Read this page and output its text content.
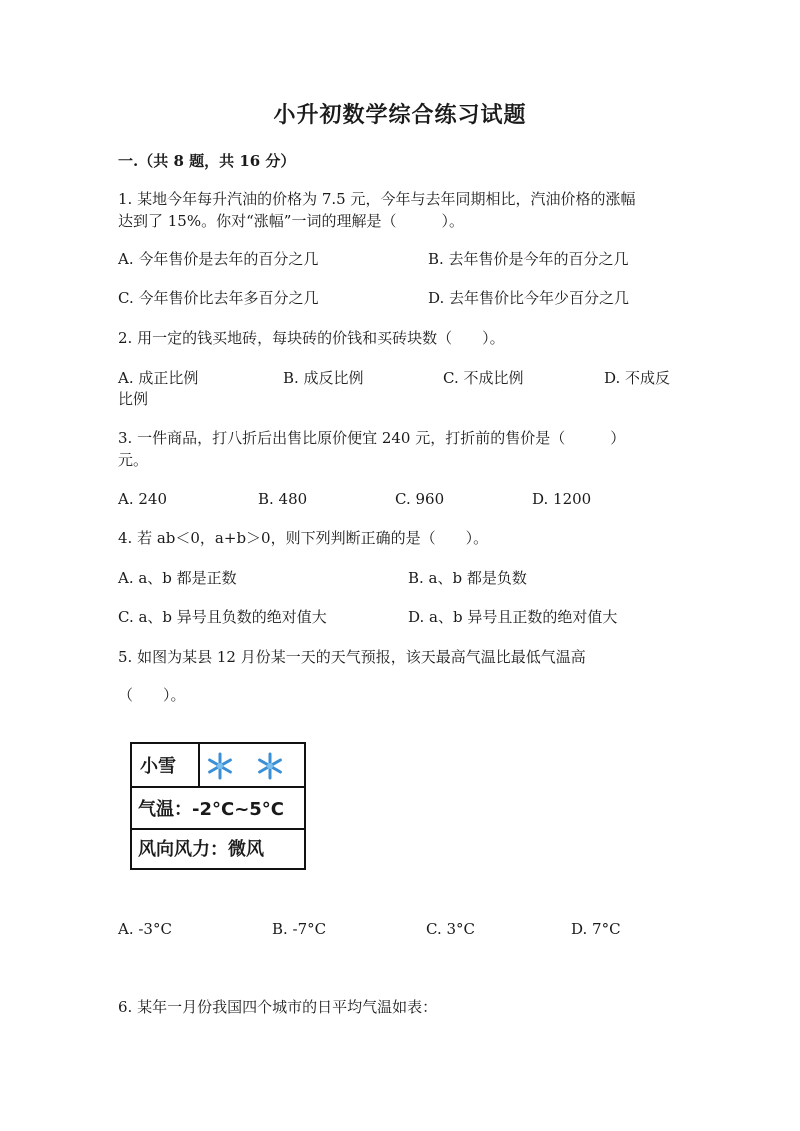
小升初数学综合练习试题
一.（共 8 题，共 16 分）
1. 某地今年每升汽油的价格为 7.5 元，今年与去年同期相比，汽油价格的涨幅
达到了 15%。你对“涨幅”一词的理解是（　　　）。
A. 今年售价是去年的百分之几	B. 去年售价是今年的百分之几
C. 今年售价比去年多百分之几	D. 去年售价比今年少百分之几
2. 用一定的钱买地砖，每块砖的价钱和买砖块数（　　）。
A. 成正比例	B. 成反比例	C. 不成比例	D. 不成反
比例
3. 一件商品，打八折后出售比原价便宜 240 元，打折前的售价是（　　　）
元。
A. 240	B. 480	C. 960	D. 1200
4. 若 ab＜0，a+b＞0，则下列判断正确的是（　　）。
A. a、b 都是正数	B. a、b 都是负数
C. a、b 异号且负数的绝对值大	D. a、b 异号且正数的绝对值大
5. 如图为某县 12 月份某一天的天气预报，该天最高气温比最低气温高
（　　）。
小雪
气温：-2°C~5°C
风向风力：微风
A. -3°C	B. -7°C	C. 3°C	D. 7°C
6. 某年一月份我国四个城市的日平均气温如表：
